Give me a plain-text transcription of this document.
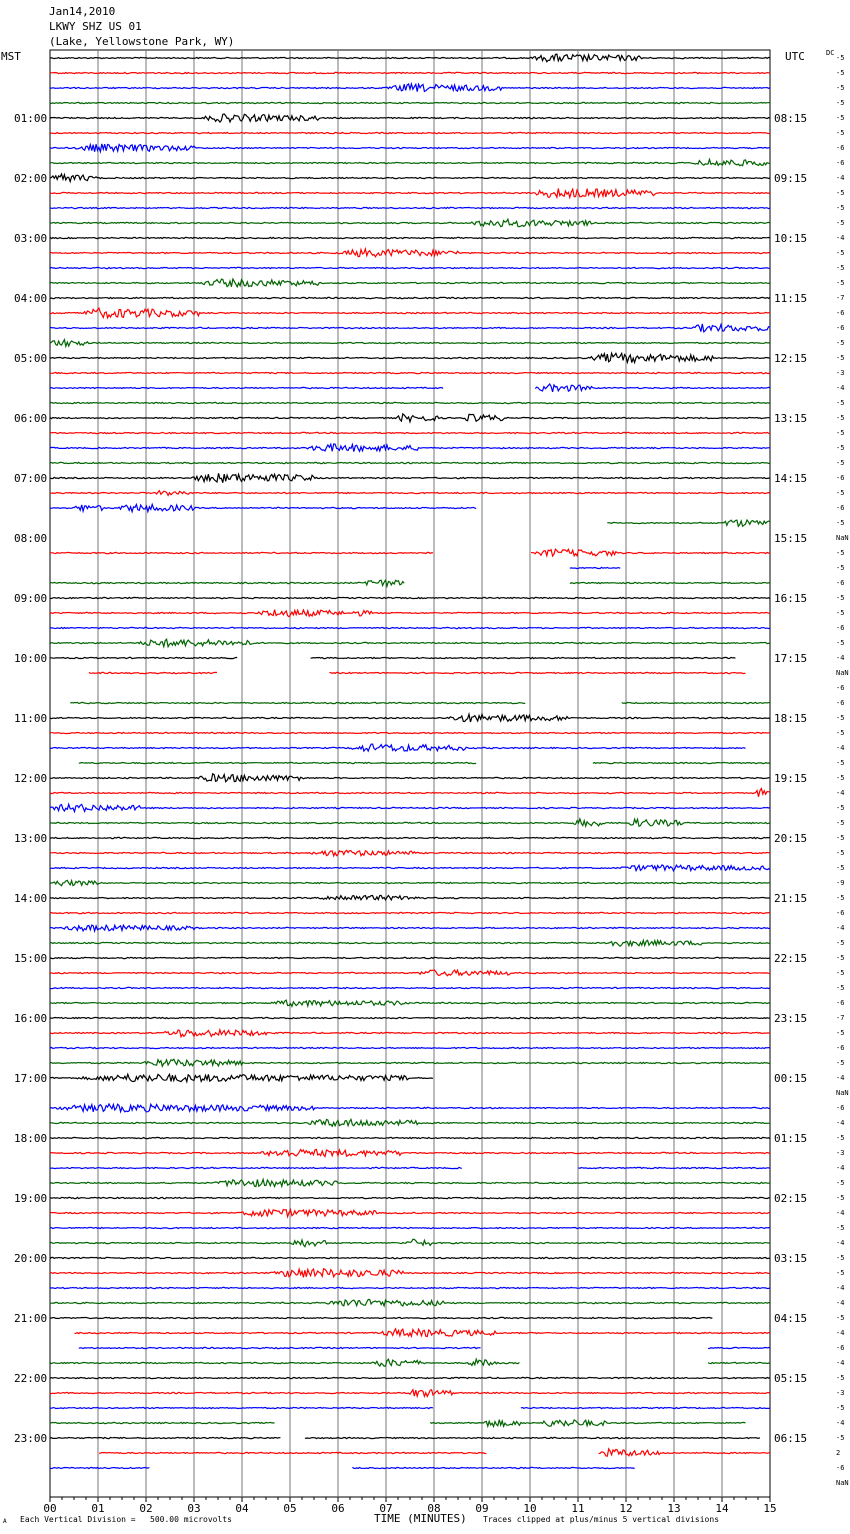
Jan14,2010
LKWY SHZ US 01
(Lake, Yellowstone Park, WY)
MST	UTC	DC
00	01	02	03	04	05	06	07	08	09	10	11	12	13	14	15
-5
-5
-5
-5
-5
-5
-6
-6
-4
-5
-5
-5
-4
-5
-5
-5
-7
-6
-6
-5
-5
-3
-4
-5
-5
-5
-5
-5
-6
-5
-6
-5
NaN
-5
-5
-6
-5
-5
-6
-5
-4
NaN
-6
-6
-5
-5
-4
-5
-5
-4
-5
-5
-5
-5
-5
-9
-5
-6
-4
-5
-5
-5
-5
-6
-7
-5
-6
-5
-4
NaN
-6
-4
-5
-3
-4
-5
-5
-4
-5
-4
-5
-5
-4
-4
-5
-4
-6
-4
-5
-3
-5
-4
-5
2
-6
NaN
01:00
02:00
03:00
04:00
05:00
06:00
07:00
08:00
09:00
10:00
11:00
12:00
13:00
14:00
15:00
16:00
17:00
18:00
19:00
20:00
21:00
22:00
23:00
08:15
09:15
10:15
11:15
12:15
13:15
14:15
15:15
16:15
17:15
18:15
19:15
20:15
21:15
22:15
23:15
00:15
01:15
02:15
03:15
04:15
05:15
06:15
Each Vertical Division =   500.00 microvolts	TIME (MINUTES) Traces clipped at plus/minus 5 vertical divisions
A
